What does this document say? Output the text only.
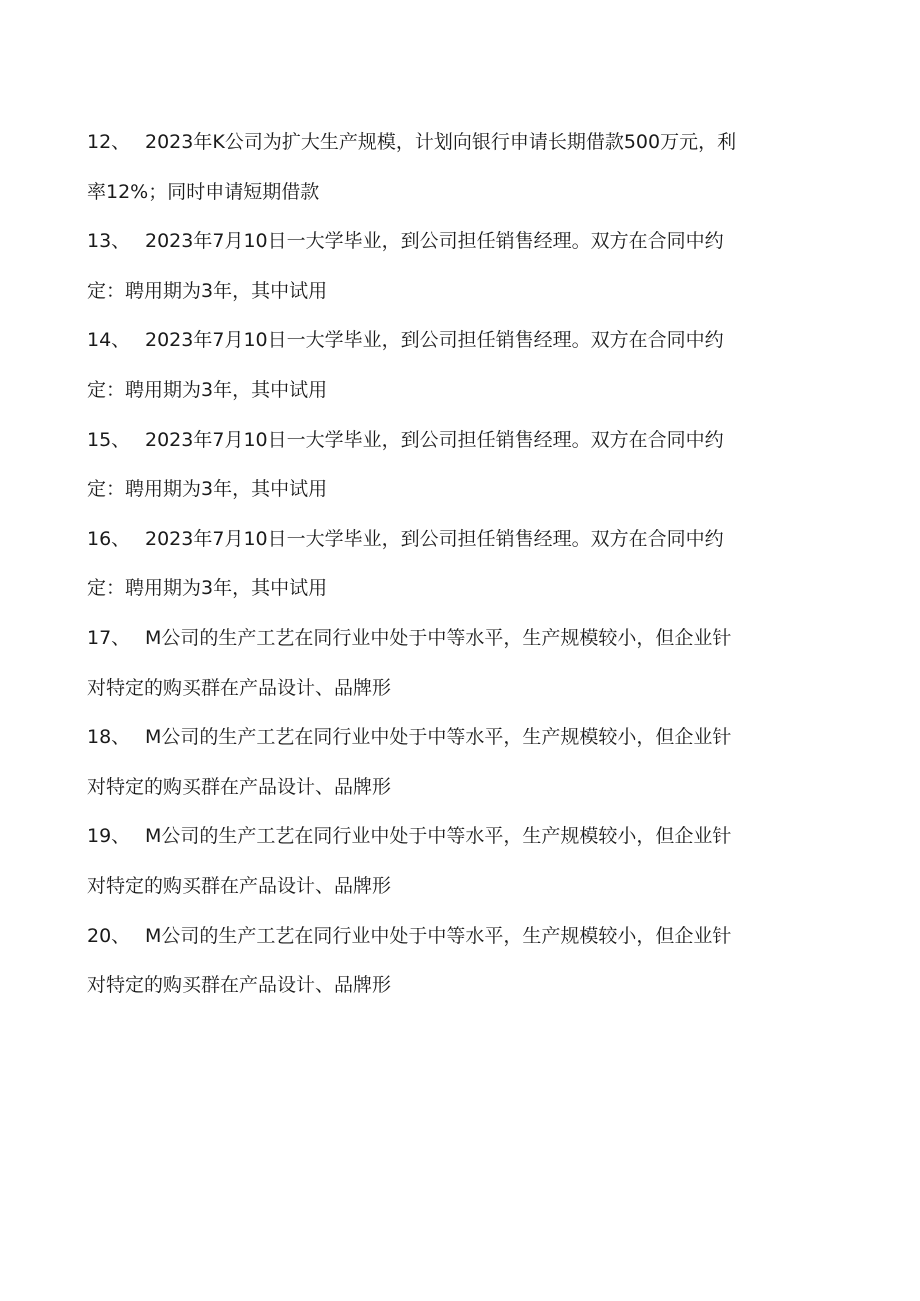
12、 2023年K公司为扩大生产规模，计划向银行申请长期借款500万元，利
率12%；同时申请短期借款
13、 2023年7月10日一大学毕业，到公司担任销售经理。双方在合同中约
定：聘用期为3年，其中试用
14、 2023年7月10日一大学毕业，到公司担任销售经理。双方在合同中约
定：聘用期为3年，其中试用
15、 2023年7月10日一大学毕业，到公司担任销售经理。双方在合同中约
定：聘用期为3年，其中试用
16、 2023年7月10日一大学毕业，到公司担任销售经理。双方在合同中约
定：聘用期为3年，其中试用
17、 M公司的生产工艺在同行业中处于中等水平，生产规模较小，但企业针
对特定的购买群在产品设计、品牌形
18、 M公司的生产工艺在同行业中处于中等水平，生产规模较小，但企业针
对特定的购买群在产品设计、品牌形
19、 M公司的生产工艺在同行业中处于中等水平，生产规模较小，但企业针
对特定的购买群在产品设计、品牌形
20、 M公司的生产工艺在同行业中处于中等水平，生产规模较小，但企业针
对特定的购买群在产品设计、品牌形
